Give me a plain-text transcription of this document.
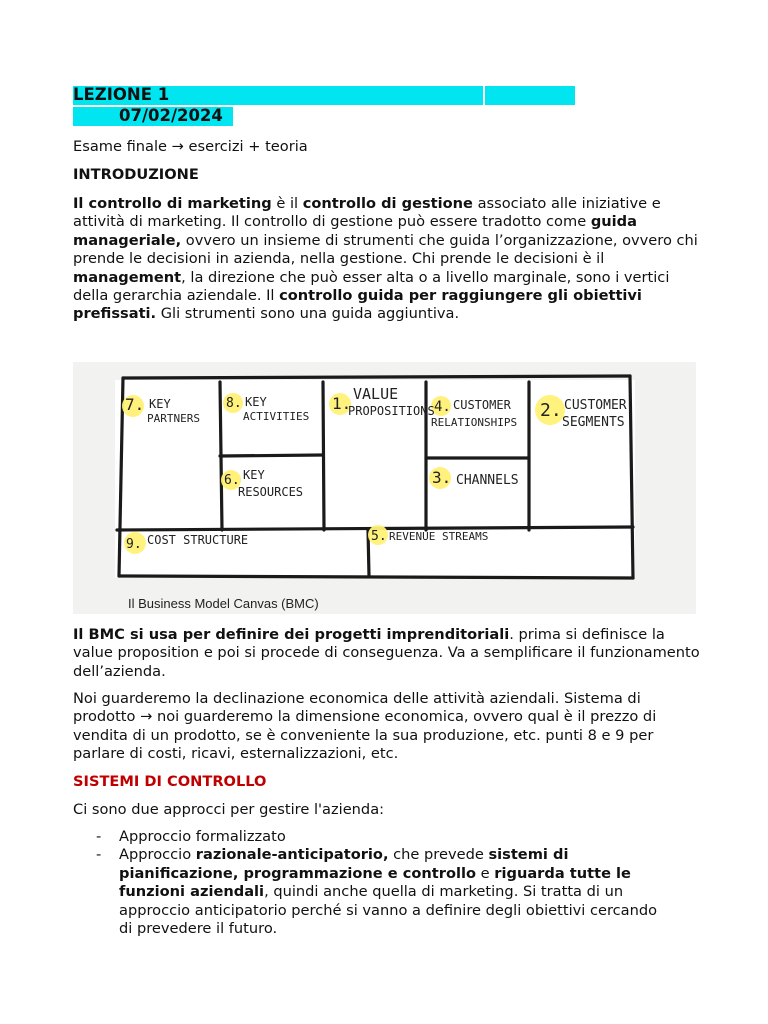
LEZIONE 1
07/02/2024
Esame finale → esercizi + teoria
INTRODUZIONE
Il controllo di marketing è il controllo di gestione associato alle iniziative e attività di marketing. Il controllo di gestione può essere tradotto come guida manageriale, ovvero un insieme di strumenti che guida l’organizzazione, ovvero chi prende le decisioni in azienda, nella gestione. Chi prende le decisioni è il management, la direzione che può esser alta o a livello marginale, sono i vertici della gerarchia aziendale. Il controllo guida per raggiungere gli obiettivi prefissati. Gli strumenti sono una guida aggiuntiva.
7. KEY
PARTNERS
8. KEY
ACTIVITIES
6. KEY
RESOURCES
1. VALUE
PROPOSITIONS 4. CUSTOMER
RELATIONSHIPS
3. CHANNELS
2. CUSTOMER
SEGMENTS
9. COST STRUCTURE	5. REVENUE STREAMS
Il Business Model Canvas (BMC)
Il BMC si usa per definire dei progetti imprenditoriali. prima si definisce la value proposition e poi si procede di conseguenza. Va a semplificare il funzionamento dell’azienda.
Noi guarderemo la declinazione economica delle attività aziendali. Sistema di prodotto → noi guarderemo la dimensione economica, ovvero qual è il prezzo di vendita di un prodotto, se è conveniente la sua produzione, etc. punti 8 e 9 per parlare di costi, ricavi, esternalizzazioni, etc.
SISTEMI DI CONTROLLO
Ci sono due approcci per gestire l'azienda:
- Approccio formalizzato
- Approccio razionale-anticipatorio, che prevede sistemi di pianificazione, programmazione e controllo e riguarda tutte le funzioni aziendali, quindi anche quella di marketing. Si tratta di un approccio anticipatorio perché si vanno a definire degli obiettivi cercando di prevedere il futuro.
